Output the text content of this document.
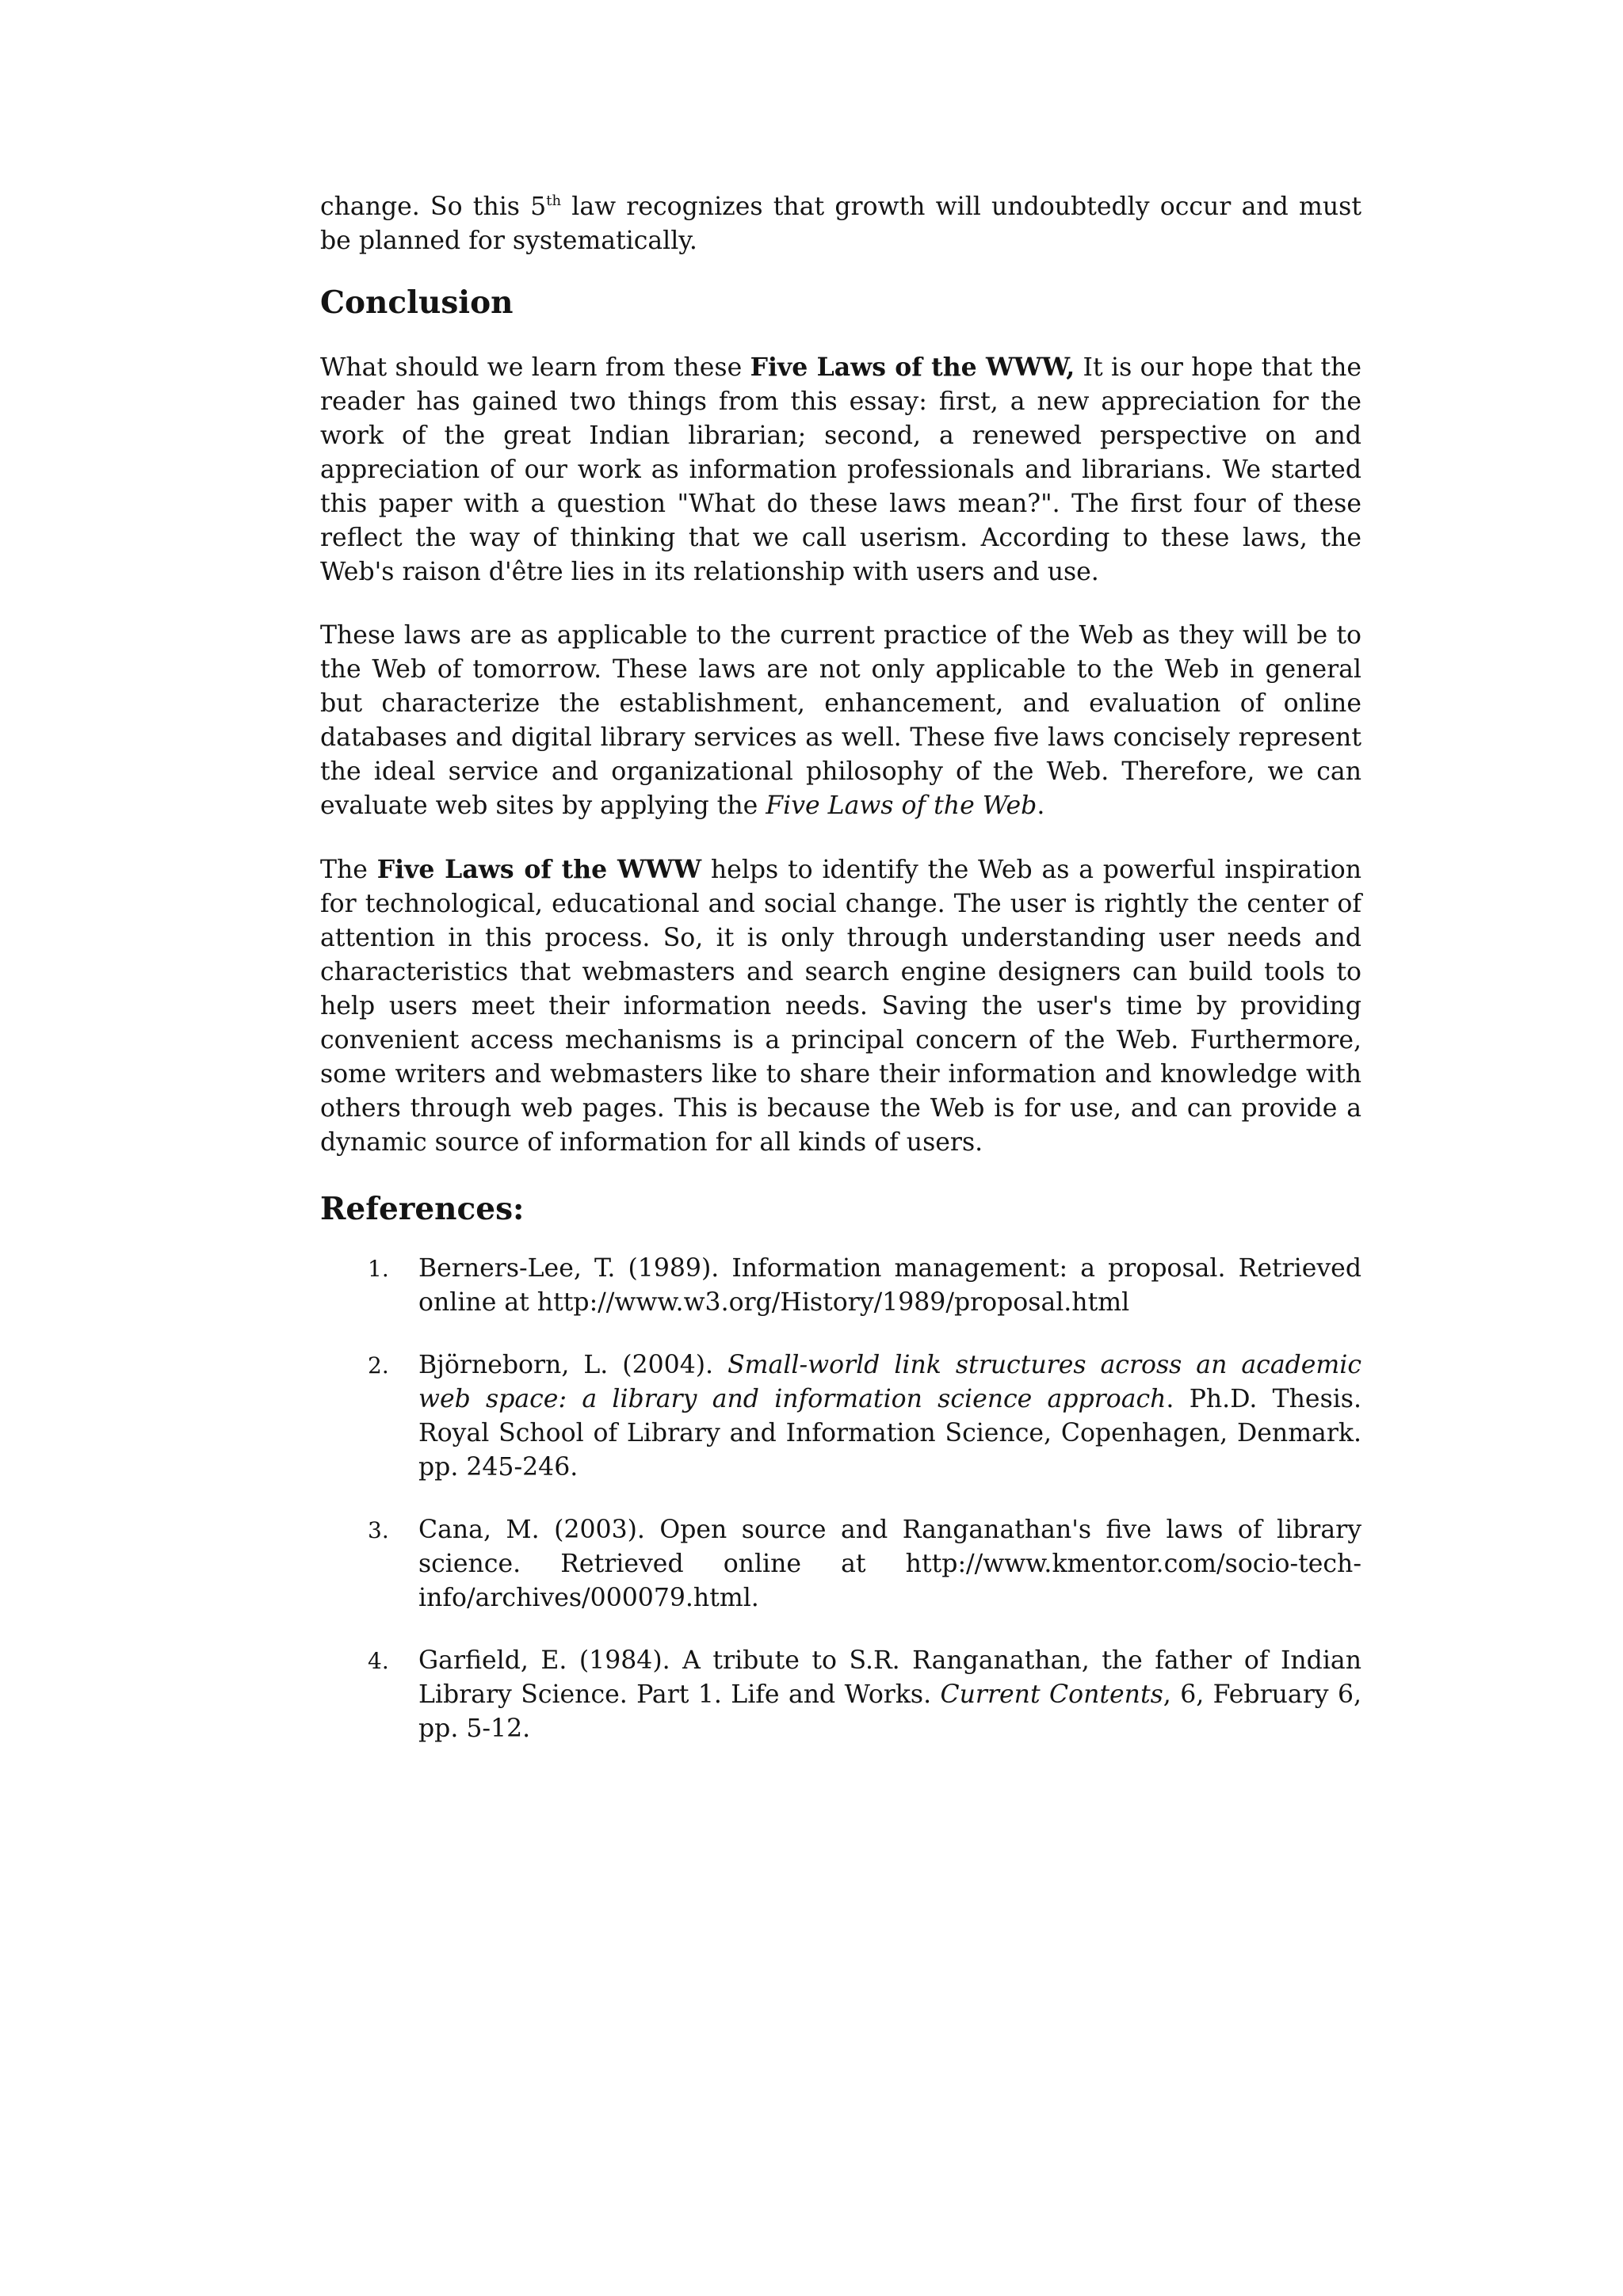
change. So this 5th law recognizes that growth will undoubtedly occur and must be planned for systematically.

Conclusion

What should we learn from these Five Laws of the WWW, It is our hope that the reader has gained two things from this essay: first, a new appreciation for the work of the great Indian librarian; second, a renewed perspective on and appreciation of our work as information professionals and librarians. We started this paper with a question "What do these laws mean?". The first four of these reflect the way of thinking that we call userism. According to these laws, the Web's raison d'être lies in its relationship with users and use.

These laws are as applicable to the current practice of the Web as they will be to the Web of tomorrow. These laws are not only applicable to the Web in general but characterize the establishment, enhancement, and evaluation of online databases and digital library services as well. These five laws concisely represent the ideal service and organizational philosophy of the Web. Therefore, we can evaluate web sites by applying the Five Laws of the Web.

The Five Laws of the WWW helps to identify the Web as a powerful inspiration for technological, educational and social change. The user is rightly the center of attention in this process. So, it is only through understanding user needs and characteristics that webmasters and search engine designers can build tools to help users meet their information needs. Saving the user's time by providing convenient access mechanisms is a principal concern of the Web. Furthermore, some writers and webmasters like to share their information and knowledge with others through web pages. This is because the Web is for use, and can provide a dynamic source of information for all kinds of users.

References:
1. Berners-Lee, T. (1989). Information management: a proposal. Retrieved online at http://www.w3.org/History/1989/proposal.html
2. Björneborn, L. (2004). Small-world link structures across an academic web space: a library and information science approach. Ph.D. Thesis. Royal School of Library and Information Science, Copenhagen, Denmark. pp. 245-246.
3. Cana, M. (2003). Open source and Ranganathan's five laws of library science. Retrieved online at http://www.kmentor.com/socio-tech-info/archives/000079.html.
4. Garfield, E. (1984). A tribute to S.R. Ranganathan, the father of Indian Library Science. Part 1. Life and Works. Current Contents, 6, February 6, pp. 5-12.
